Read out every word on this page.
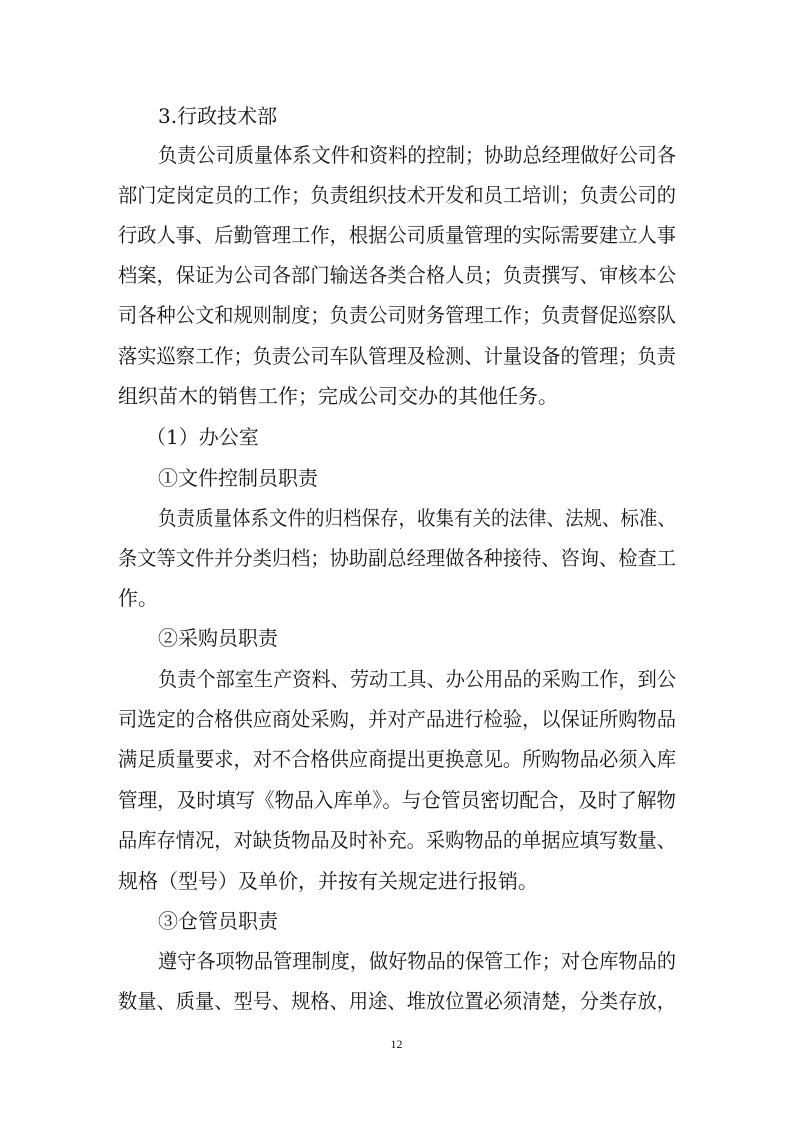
3.行政技术部
负责公司质量体系文件和资料的控制；协助总经理做好公司各
部门定岗定员的工作；负责组织技术开发和员工培训；负责公司的
行政人事、后勤管理工作，根据公司质量管理的实际需要建立人事
档案，保证为公司各部门输送各类合格人员；负责撰写、审核本公
司各种公文和规则制度；负责公司财务管理工作；负责督促巡察队
落实巡察工作；负责公司车队管理及检测、计量设备的管理；负责
组织苗木的销售工作；完成公司交办的其他任务。
（1）办公室
①文件控制员职责
负责质量体系文件的归档保存，收集有关的法律、法规、标准、
条文等文件并分类归档；协助副总经理做各种接待、咨询、检查工
作。
②采购员职责
负责个部室生产资料、劳动工具、办公用品的采购工作，到公
司选定的合格供应商处采购，并对产品进行检验，以保证所购物品
满足质量要求，对不合格供应商提出更换意见。所购物品必须入库
管理，及时填写《物品入库单》。与仓管员密切配合，及时了解物
品库存情况，对缺货物品及时补充。采购物品的单据应填写数量、
规格（型号）及单价，并按有关规定进行报销。
③仓管员职责
遵守各项物品管理制度，做好物品的保管工作；对仓库物品的
数量、质量、型号、规格、用途、堆放位置必须清楚，分类存放，
12
